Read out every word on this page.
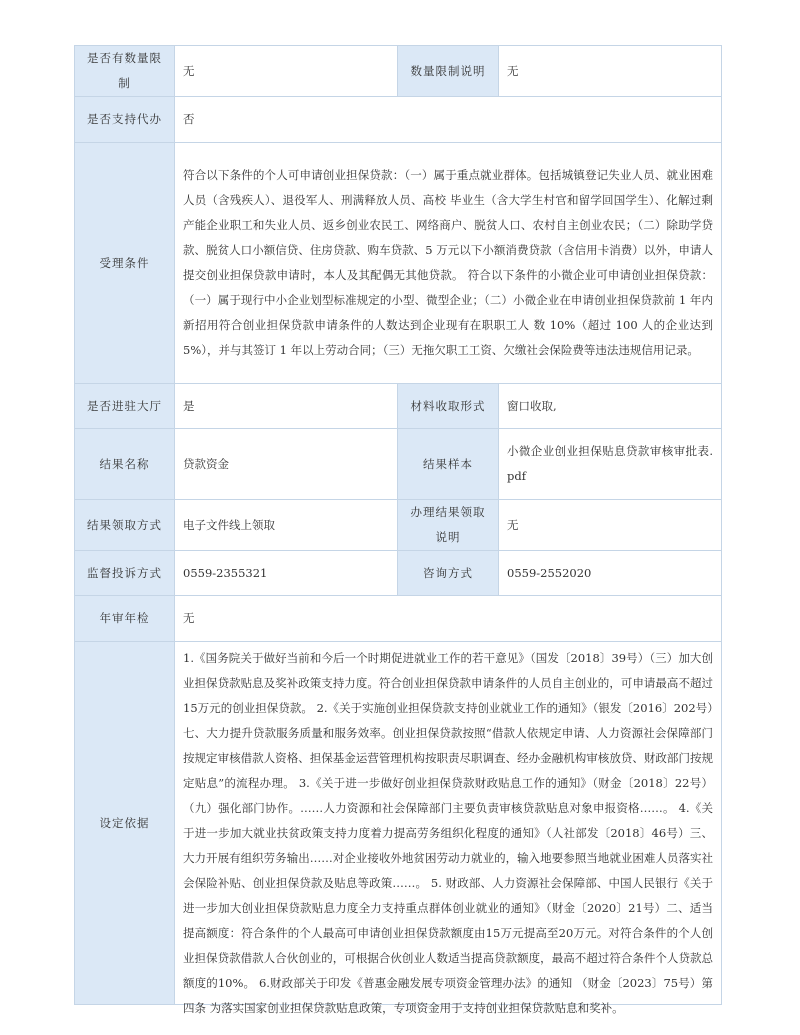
是否有数量限制	无	数量限制说明	无
是否支持代办	否		
受理条件	符合以下条件的个人可申请创业担保贷款：（一）属于重点就业群体。包括城镇登记失业人员、就业困难人员（含残疾人）、退役军人、刑满释放人员、高校 毕业生（含大学生村官和留学回国学生）、化解过剩产能企业职工和失业人员、返乡创业农民工、网络商户、脱贫人口、农村自主创业农民；（二）除助学贷款、脱贫人口小额信贷、住房贷款、购车贷款、5 万元以下小额消费贷款（含信用卡消费）以外，申请人提交创业担保贷款申请时，本人及其配偶无其他贷款。 符合以下条件的小微企业可申请创业担保贷款：（一）属于现行中小企业划型标准规定的小型、微型企业；（二）小微企业在申请创业担保贷款前 1 年内新招用符合创业担保贷款申请条件的人数达到企业现有在职职工人 数 10%（超过 100 人的企业达到 5%），并与其签订 1 年以上劳动合同；（三）无拖欠职工工资、欠缴社会保险费等违法违规信用记录。		
是否进驻大厅	是	材料收取形式	窗口收取,
结果名称	贷款资金	结果样本	小微企业创业担保贴息贷款审核审批表.pdf
结果领取方式	电子文件线上领取	办理结果领取说明	无
监督投诉方式	0559-2355321	咨询方式	0559-2552020
年审年检	无		
设定依据	1.《国务院关于做好当前和今后一个时期促进就业工作的若干意见》（国发〔2018〕39号）（三）加大创业担保贷款贴息及奖补政策支持力度。符合创业担保贷款申请条件的人员自主创业的，可申请最高不超过15万元的创业担保贷款。 2.《关于实施创业担保贷款支持创业就业工作的通知》（银发〔2016〕202号）七、大力提升贷款服务质量和服务效率。创业担保贷款按照“借款人依规定申请、人力资源社会保障部门按规定审核借款人资格、担保基金运营管理机构按职责尽职调查、经办金融机构审核放贷、财政部门按规定贴息”的流程办理。 3.《关于进一步做好创业担保贷款财政贴息工作的通知》（财金〔2018〕22号）（九）强化部门协作。……人力资源和社会保障部门主要负责审核贷款贴息对象申报资格……。 4.《关于进一步加大就业扶贫政策支持力度着力提高劳务组织化程度的通知》（人社部发〔2018〕46号）三、大力开展有组织劳务输出……对企业接收外地贫困劳动力就业的，输入地要参照当地就业困难人员落实社会保险补贴、创业担保贷款及贴息等政策……。 5. 财政部、人力资源社会保障部、中国人民银行《关于进一步加大创业担保贷款贴息力度全力支持重点群体创业就业的通知》（财金〔2020〕21号）二、适当提高额度：符合条件的个人最高可申请创业担保贷款额度由15万元提高至20万元。对符合条件的个人创业担保贷款借款人合伙创业的，可根据合伙创业人数适当提高贷款额度，最高不超过符合条件个人贷款总额度的10%。 6.财政部关于印发《普惠金融发展专项资金管理办法》的通知 （财金〔2023〕75号）第四条 为落实国家创业担保贷款贴息政策，专项资金用于支持创业担保贷款贴息和奖补。		
